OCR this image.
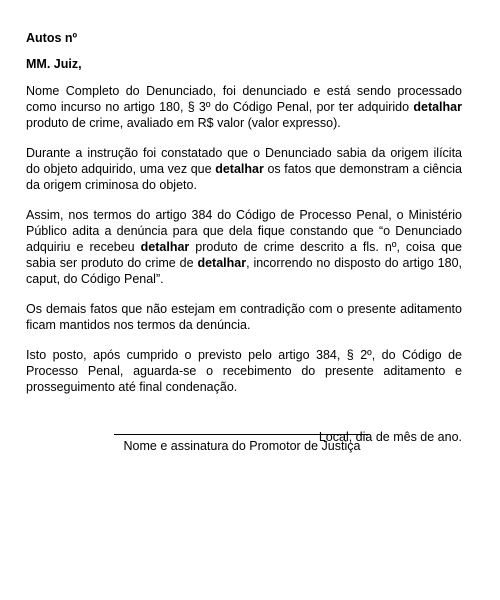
Autos nº
MM. Juiz,

Nome Completo do Denunciado, foi denunciado e está sendo processado como incurso no artigo 180, § 3º do Código Penal, por ter adquirido detalhar produto de crime, avaliado em R$ valor (valor expresso).

Durante a instrução foi constatado que o Denunciado sabia da origem ilícita do objeto adquirido, uma vez que detalhar os fatos que demonstram a ciência da origem criminosa do objeto.

Assim, nos termos do artigo 384 do Código de Processo Penal, o Ministério Público adita a denúncia para que dela fique constando que “o Denunciado adquiriu e recebeu detalhar produto de crime descrito a fls. nº, coisa que sabia ser produto do crime de detalhar, incorrendo no disposto do artigo 180, caput, do Código Penal”.

Os demais fatos que não estejam em contradição com o presente aditamento ficam mantidos nos termos da denúncia.

Isto posto, após cumprido o previsto pelo artigo 384, § 2º, do Código de Processo Penal, aguarda-se o recebimento do presente aditamento e prosseguimento até final condenação.

Local, dia de mês de ano.
Nome e assinatura do Promotor de Justiça
